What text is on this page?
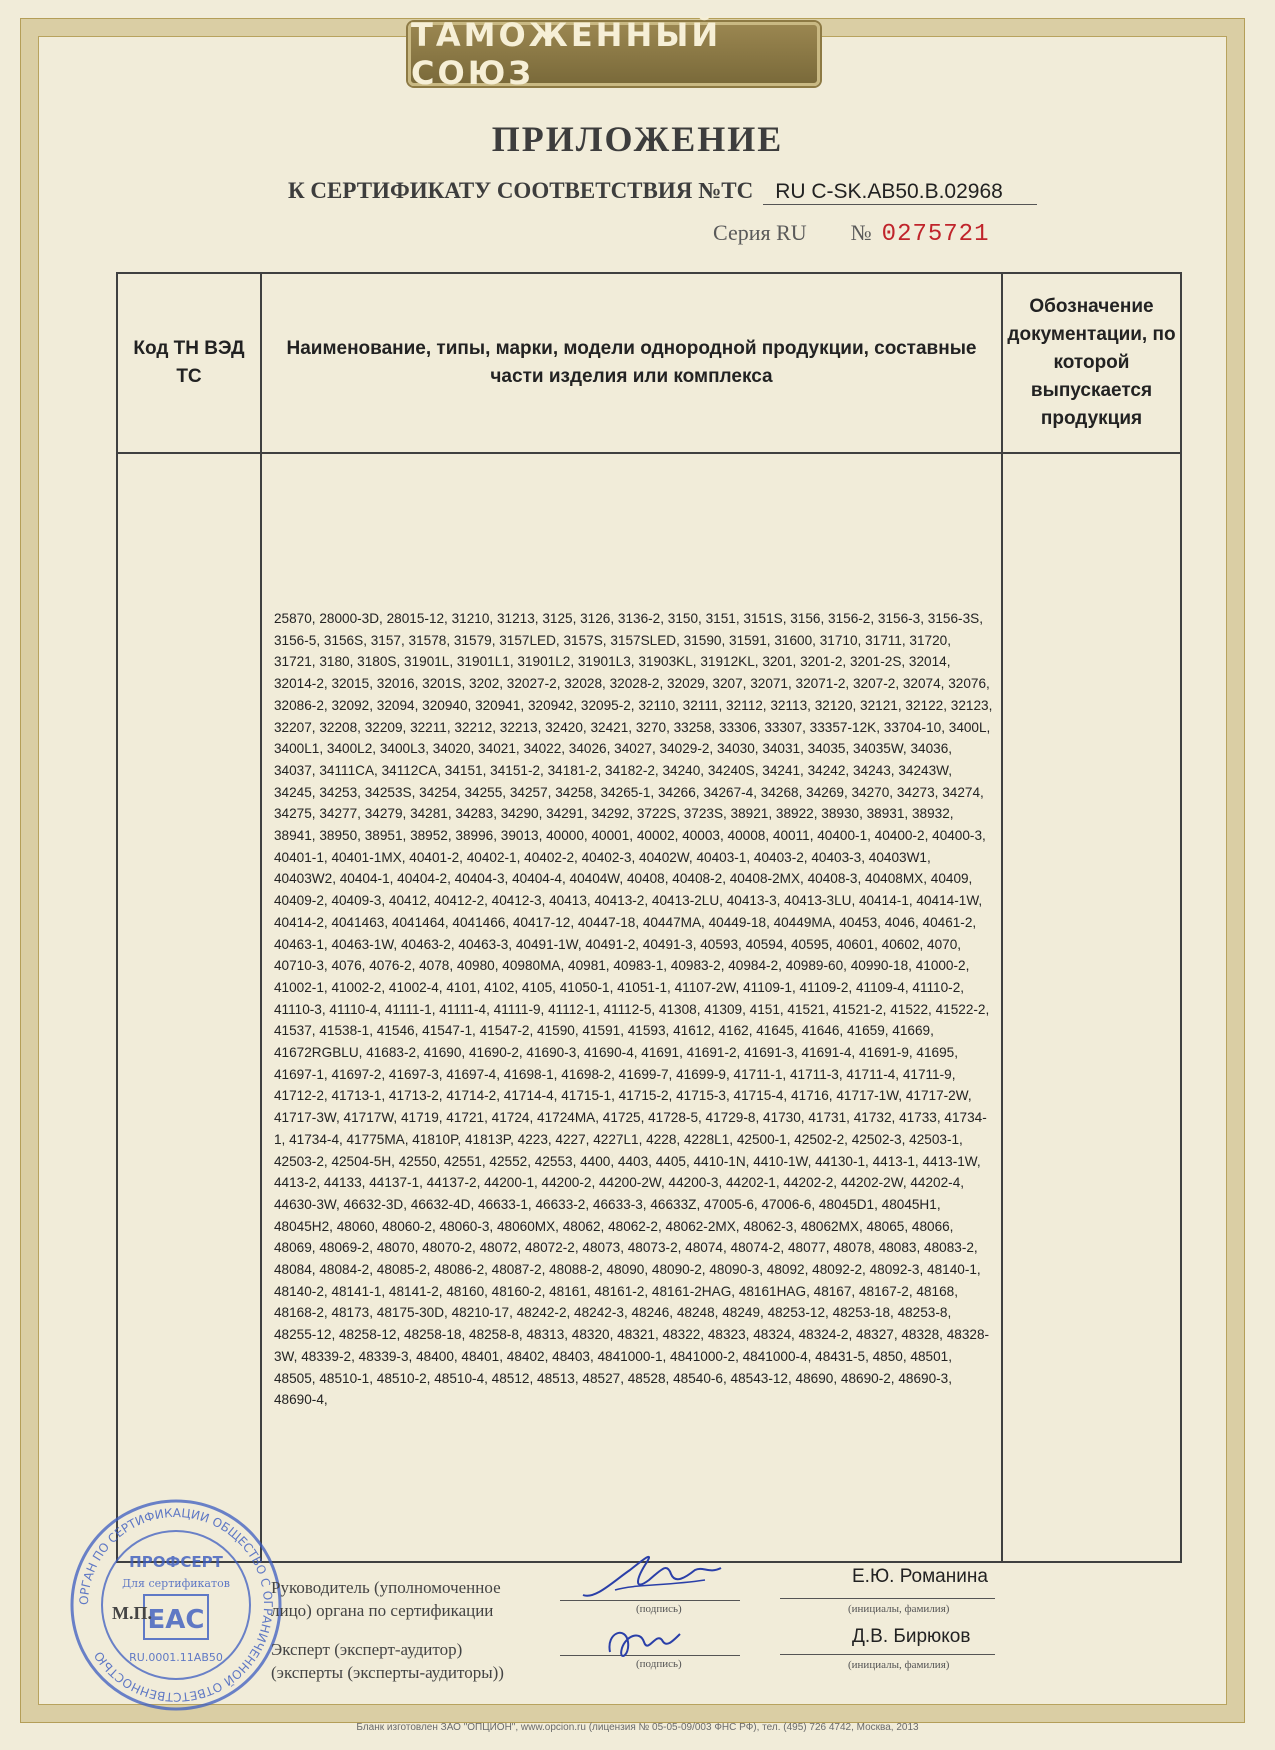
ТАМОЖЕННЫЙ СОЮЗ
ПРИЛОЖЕНИЕ
К СЕРТИФИКАТУ СООТВЕТСТВИЯ №ТС	RU C-SK.AB50.B.02968
Серия RU № 0275721
Код ТН ВЭД ТС	Наименование, типы, марки, модели однородной продукции, составные части изделия или комплекса	Обозначение документации, по которой выпускается продукция

	25870, 28000-3D, 28015-12, 31210, 31213, 3125, 3126, 3136-2, 3150, 3151, 3151S, 3156, 3156-2, 3156-3, 3156-3S, 3156-5, 3156S, 3157, 31578, 31579, 3157LED, 3157S, 3157SLED, 31590, 31591, 31600, 31710, 31711, 31720, 31721, 3180, 3180S, 31901L, 31901L1, 31901L2, 31901L3, 31903KL, 31912KL, 3201, 3201-2, 3201-2S, 32014, 32014-2, 32015, 32016, 3201S, 3202, 32027-2, 32028, 32028-2, 32029, 3207, 32071, 32071-2, 3207-2, 32074, 32076, 32086-2, 32092, 32094, 320940, 320941, 320942, 32095-2, 32110, 32111, 32112, 32113, 32120, 32121, 32122, 32123, 32207, 32208, 32209, 32211, 32212, 32213, 32420, 32421, 3270, 33258, 33306, 33307, 33357-12K, 33704-10, 3400L, 3400L1, 3400L2, 3400L3, 34020, 34021, 34022, 34026, 34027, 34029-2, 34030, 34031, 34035, 34035W, 34036, 34037, 34111CA, 34112CA, 34151, 34151-2, 34181-2, 34182-2, 34240, 34240S, 34241, 34242, 34243, 34243W, 34245, 34253, 34253S, 34254, 34255, 34257, 34258, 34265-1, 34266, 34267-4, 34268, 34269, 34270, 34273, 34274, 34275, 34277, 34279, 34281, 34283, 34290, 34291, 34292, 3722S, 3723S, 38921, 38922, 38930, 38931, 38932, 38941, 38950, 38951, 38952, 38996, 39013, 40000, 40001, 40002, 40003, 40008, 40011, 40400-1, 40400-2, 40400-3, 40401-1, 40401-1MX, 40401-2, 40402-1, 40402-2, 40402-3, 40402W, 40403-1, 40403-2, 40403-3, 40403W1, 40403W2, 40404-1, 40404-2, 40404-3, 40404-4, 40404W, 40408, 40408-2, 40408-2MX, 40408-3, 40408MX, 40409, 40409-2, 40409-3, 40412, 40412-2, 40412-3, 40413, 40413-2, 40413-2LU, 40413-3, 40413-3LU, 40414-1, 40414-1W, 40414-2, 4041463, 4041464, 4041466, 40417-12, 40447-18, 40447MA, 40449-18, 40449MA, 40453, 4046, 40461-2, 40463-1, 40463-1W, 40463-2, 40463-3, 40491-1W, 40491-2, 40491-3, 40593, 40594, 40595, 40601, 40602, 4070, 40710-3, 4076, 4076-2, 4078, 40980, 40980MA, 40981, 40983-1, 40983-2, 40984-2, 40989-60, 40990-18, 41000-2, 41002-1, 41002-2, 41002-4, 4101, 4102, 4105, 41050-1, 41051-1, 41107-2W, 41109-1, 41109-2, 41109-4, 41110-2, 41110-3, 41110-4, 41111-1, 41111-4, 41111-9, 41112-1, 41112-5, 41308, 41309, 4151, 41521, 41521-2, 41522, 41522-2, 41537, 41538-1, 41546, 41547-1, 41547-2, 41590, 41591, 41593, 41612, 4162, 41645, 41646, 41659, 41669, 41672RGBLU, 41683-2, 41690, 41690-2, 41690-3, 41690-4, 41691, 41691-2, 41691-3, 41691-4, 41691-9, 41695, 41697-1, 41697-2, 41697-3, 41697-4, 41698-1, 41698-2, 41699-7, 41699-9, 41711-1, 41711-3, 41711-4, 41711-9, 41712-2, 41713-1, 41713-2, 41714-2, 41714-4, 41715-1, 41715-2, 41715-3, 41715-4, 41716, 41717-1W, 41717-2W, 41717-3W, 41717W, 41719, 41721, 41724, 41724MA, 41725, 41728-5, 41729-8, 41730, 41731, 41732, 41733, 41734-1, 41734-4, 41775MA, 41810P, 41813P, 4223, 4227, 4227L1, 4228, 4228L1, 42500-1, 42502-2, 42502-3, 42503-1, 42503-2, 42504-5H, 42550, 42551, 42552, 42553, 4400, 4403, 4405, 4410-1N, 4410-1W, 44130-1, 4413-1, 4413-1W, 4413-2, 44133, 44137-1, 44137-2, 44200-1, 44200-2, 44200-2W, 44200-3, 44202-1, 44202-2, 44202-2W, 44202-4, 44630-3W, 46632-3D, 46632-4D, 46633-1, 46633-2, 46633-3, 46633Z, 47005-6, 47006-6, 48045D1, 48045H1, 48045H2, 48060, 48060-2, 48060-3, 48060MX, 48062, 48062-2, 48062-2MX, 48062-3, 48062MX, 48065, 48066, 48069, 48069-2, 48070, 48070-2, 48072, 48072-2, 48073, 48073-2, 48074, 48074-2, 48077, 48078, 48083, 48083-2, 48084, 48084-2, 48085-2, 48086-2, 48087-2, 48088-2, 48090, 48090-2, 48090-3, 48092, 48092-2, 48092-3, 48140-1, 48140-2, 48141-1, 48141-2, 48160, 48160-2, 48161, 48161-2, 48161-2HAG, 48161HAG, 48167, 48167-2, 48168, 48168-2, 48173, 48175-30D, 48210-17, 48242-2, 48242-3, 48246, 48248, 48249, 48253-12, 48253-18, 48253-8, 48255-12, 48258-12, 48258-18, 48258-8, 48313, 48320, 48321, 48322, 48323, 48324, 48324-2, 48327, 48328, 48328-3W, 48339-2, 48339-3, 48400, 48401, 48402, 48403, 4841000-1, 4841000-2, 4841000-4, 48431-5, 4850, 48501, 48505, 48510-1, 48510-2, 48510-4, 48512, 48513, 48527, 48528, 48540-6, 48543-12, 48690, 48690-2, 48690-3, 48690-4,	

ОРГАН ПО СЕРТИФИКАЦИИ ОБЩЕСТВО С ОГРАНИЧЕННОЙ ОТВЕТСТВЕННОСТЬЮ
ПРОФСЕРТ
Для сертификатов
ЕАС
RU.0001.11АВ50
М.П.
Руководитель (уполномоченное
лицо) органа по сертификации	(подпись)
Е.Ю. Романина
(инициалы, фамилия)
Эксперт (эксперт-аудитор)
(эксперты (эксперты-аудиторы))	(подпись)
Д.В. Бирюков
(инициалы, фамилия)
Бланк изготовлен ЗАО "ОПЦИОН", www.opcion.ru (лицензия № 05-05-09/003 ФНС РФ), тел. (495) 726 4742, Москва, 2013
